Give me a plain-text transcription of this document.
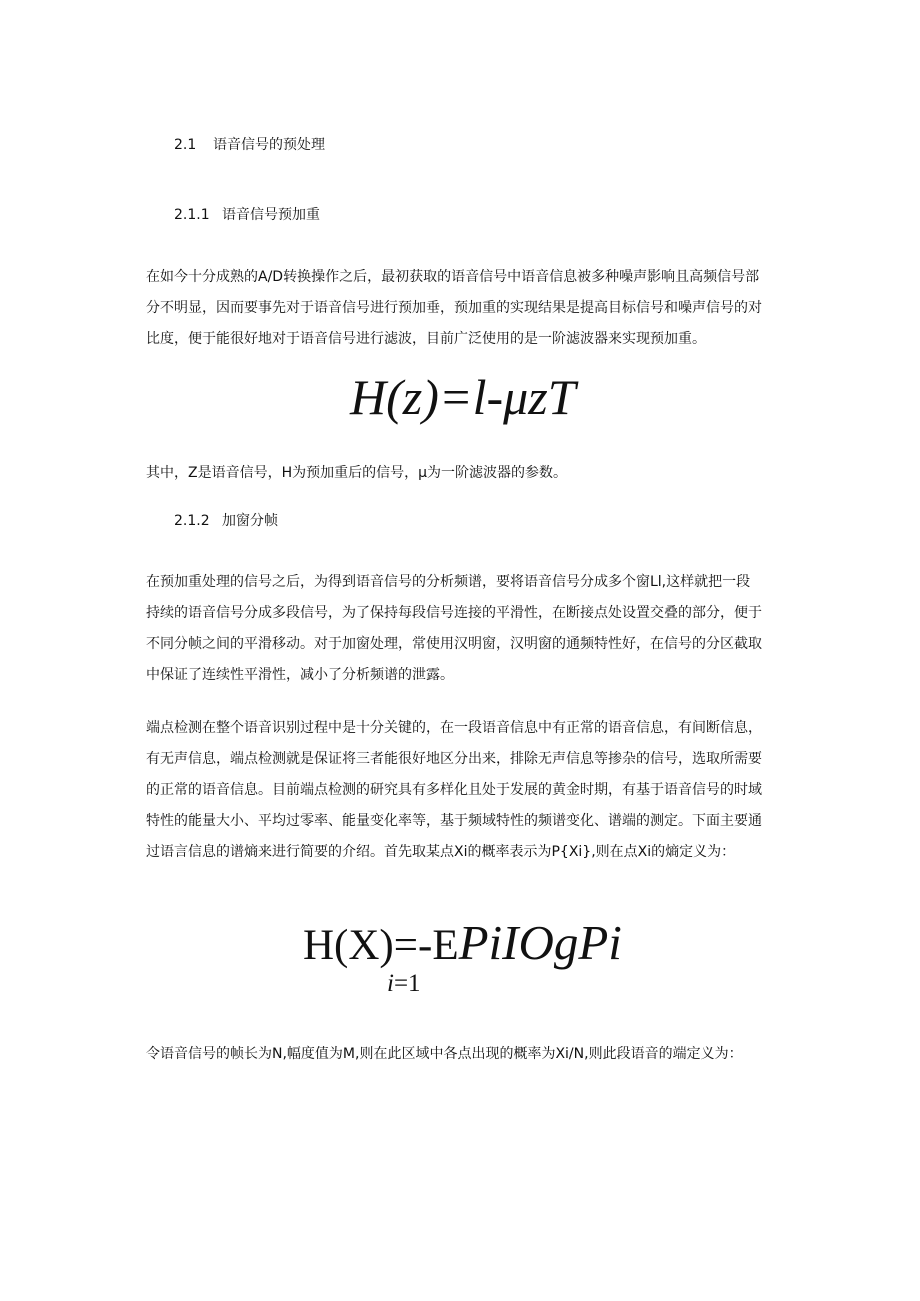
2.1 语音信号的预处理
2.1.1 语音信号预加重
在如今十分成熟的A/D转换操作之后，最初获取的语音信号中语音信息被多种噪声影响且高频信号部
分不明显，因而要事先对于语音信号进行预加垂，预加重的实现结果是提高目标信号和噪声信号的对
比度，便于能很好地对于语音信号进行滤波，目前广泛使用的是一阶滤波器来实现预加重。
H(z)=l-μzT
其中，Z是语音信号，H为预加重后的信号，μ为一阶滤波器的参数。
2.1.2 加窗分帧
在预加重处理的信号之后，为得到语音信号的分析频谱，要将语音信号分成多个窗Ll,这样就把一段
持续的语音信号分成多段信号，为了保持每段信号连接的平滑性，在断接点处设置交叠的部分，便于
不同分帧之间的平滑移动。对于加窗处理，常使用汉明窗，汉明窗的通频特性好，在信号的分区截取
中保证了连续性平滑性，减小了分析频谱的泄露。
端点检测在整个语音识别过程中是十分关键的，在一段语音信息中有正常的语音信息，有间断信息，
有无声信息，端点检测就是保证将三者能很好地区分出来，排除无声信息等掺杂的信号，选取所需要
的正常的语音信息。目前端点检测的研究具有多样化且处于发展的黄金时期，有基于语音信号的时域
特性的能量大小、平均过零率、能量变化率等，基于频域特性的频谱变化、谱端的测定。下面主要通
过语言信息的谱熵来进行简要的介绍。首先取某点Xi的概率表示为P{Xi},则在点Xi的熵定义为：
H(X)=-EPiIOgPi
i=1
令语音信号的帧长为N,幅度值为M,则在此区域中各点出现的概率为Xi/N,则此段语音的端定义为：
